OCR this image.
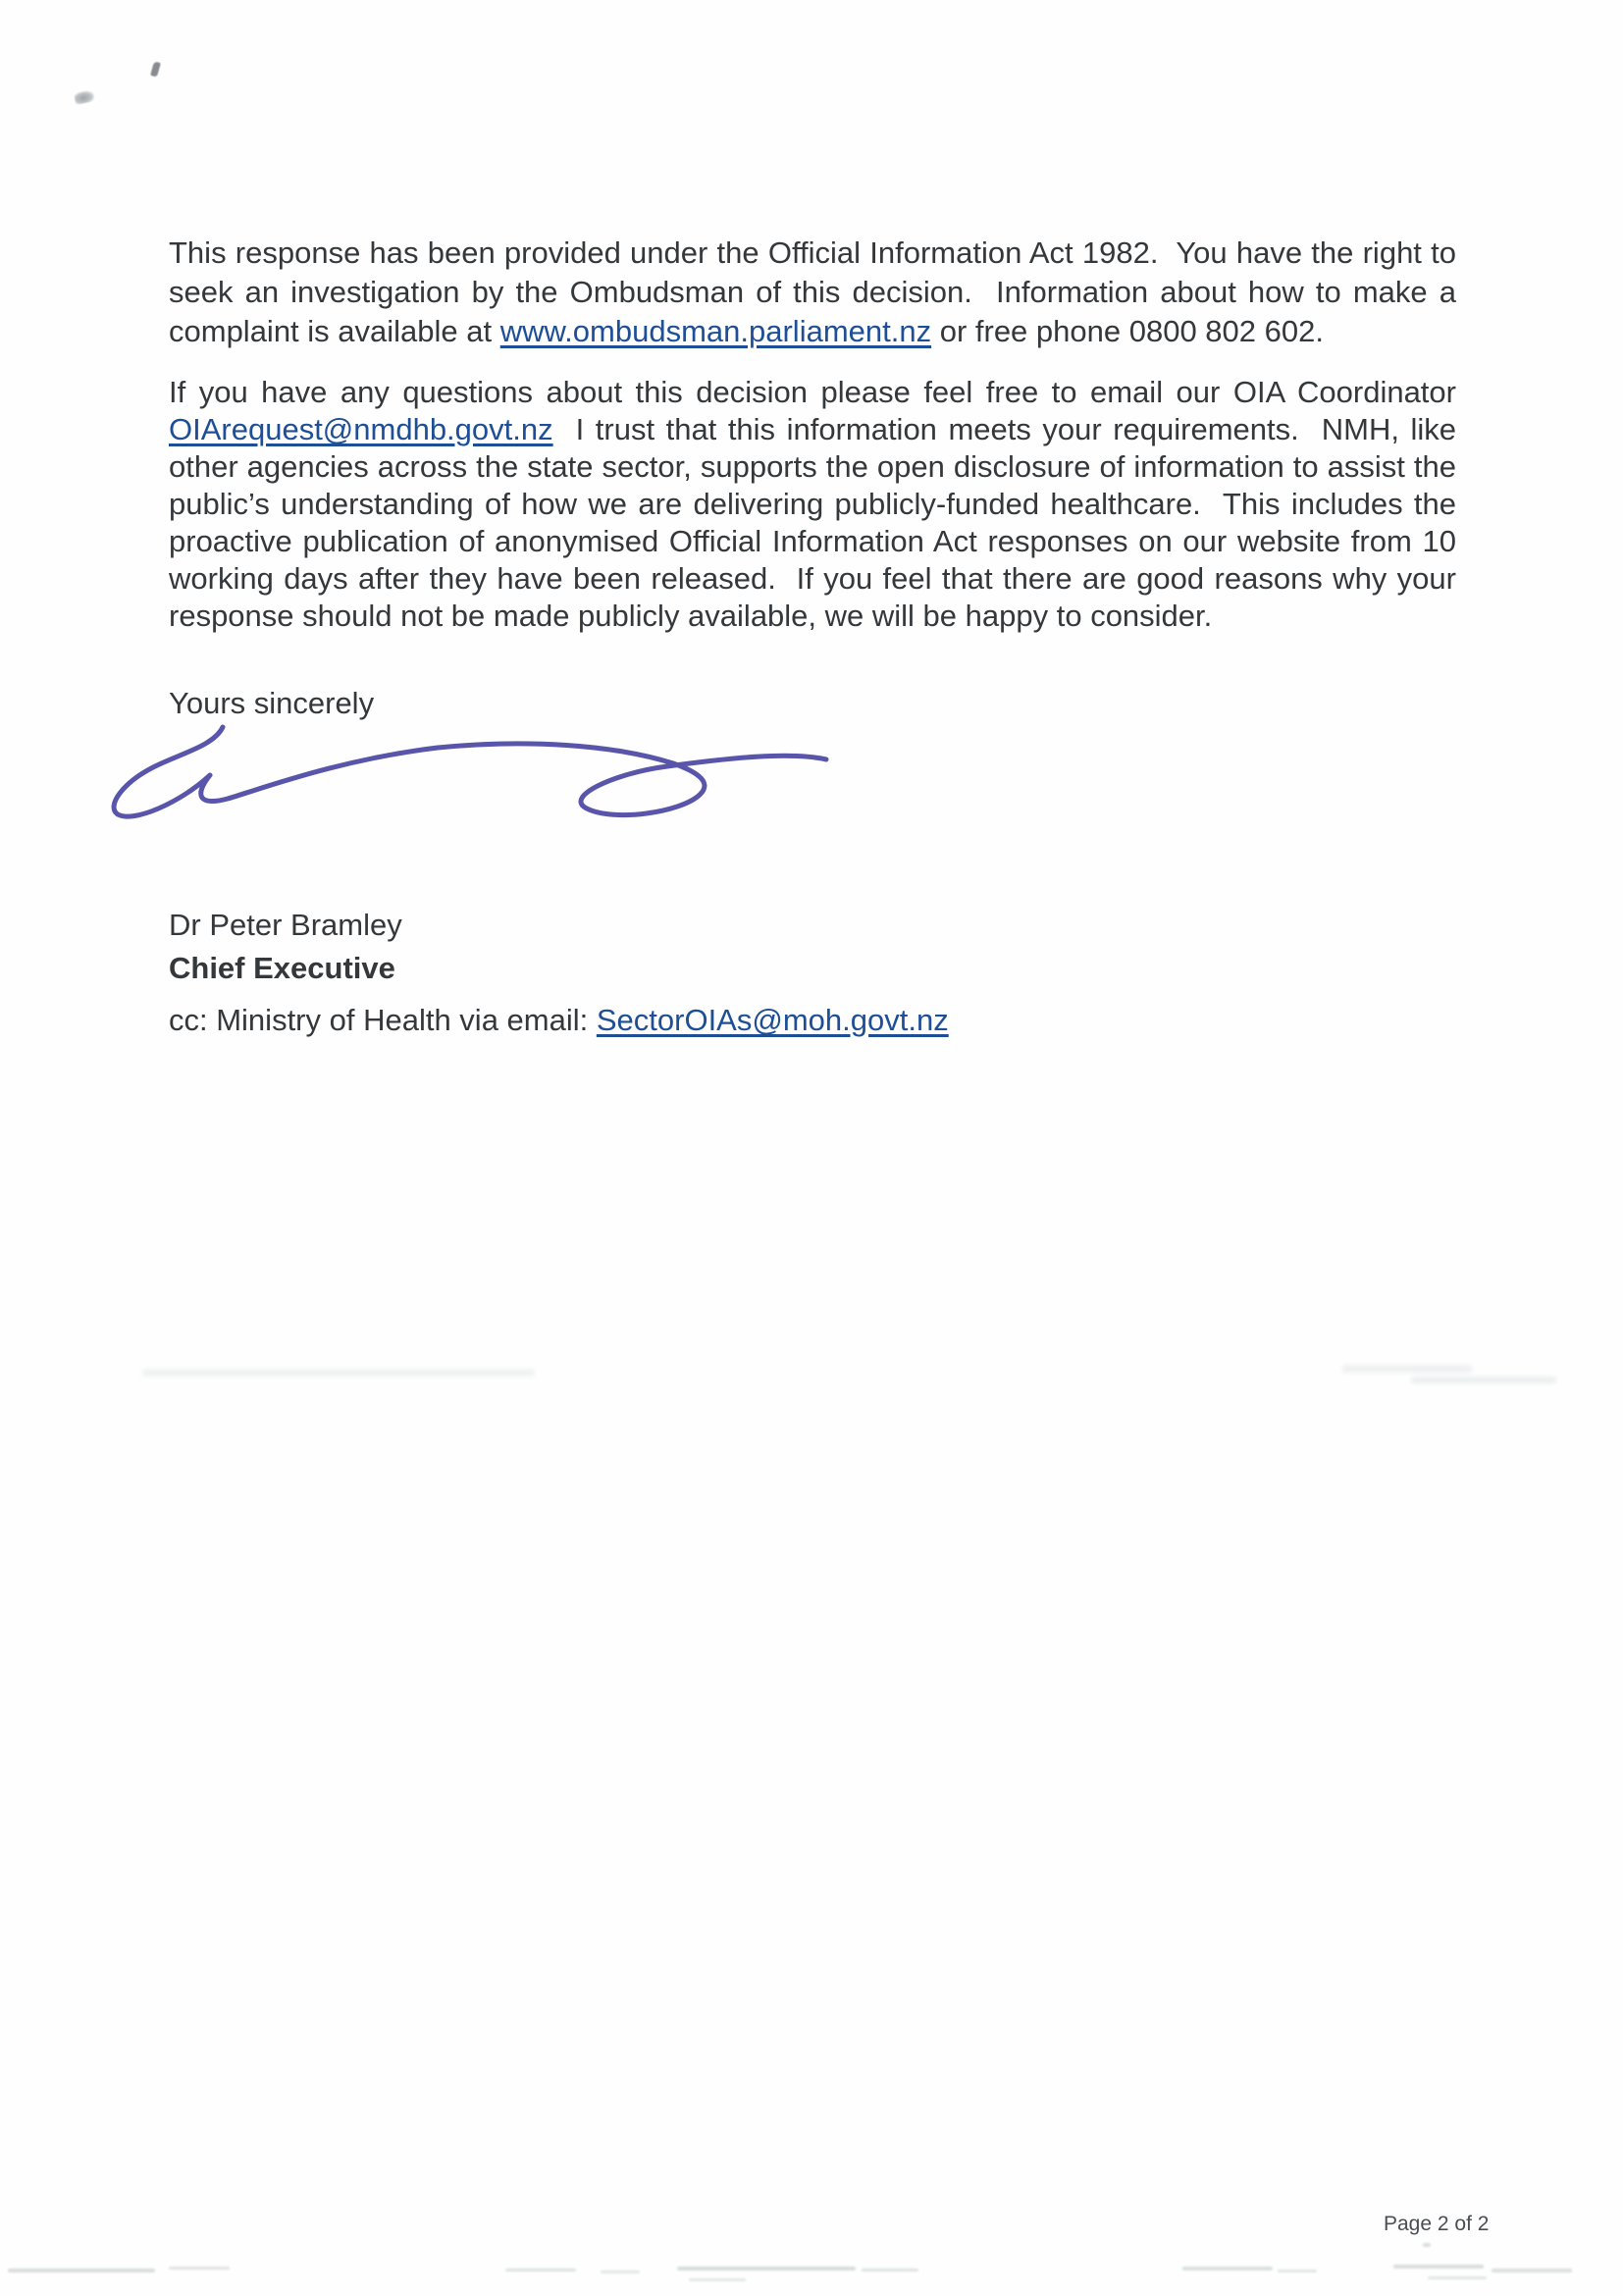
This response has been provided under the Official Information Act 1982.  You have the right to
seek an investigation by the Ombudsman of this decision.  Information about how to make a
complaint is available at www.ombudsman.parliament.nz or free phone 0800 802 602.
If you have any questions about this decision please feel free to email our OIA Coordinator
OIArequest@nmdhb.govt.nz  I trust that this information meets your requirements.  NMH, like
other agencies across the state sector, supports the open disclosure of information to assist the
public’s understanding of how we are delivering publicly-funded healthcare.  This includes the
proactive publication of anonymised Official Information Act responses on our website from 10
working days after they have been released.  If you feel that there are good reasons why your
response should not be made publicly available, we will be happy to consider.
Yours sincerely
Dr Peter Bramley
Chief Executive
cc: Ministry of Health via email: SectorOIAs@moh.govt.nz
Page 2 of 2
